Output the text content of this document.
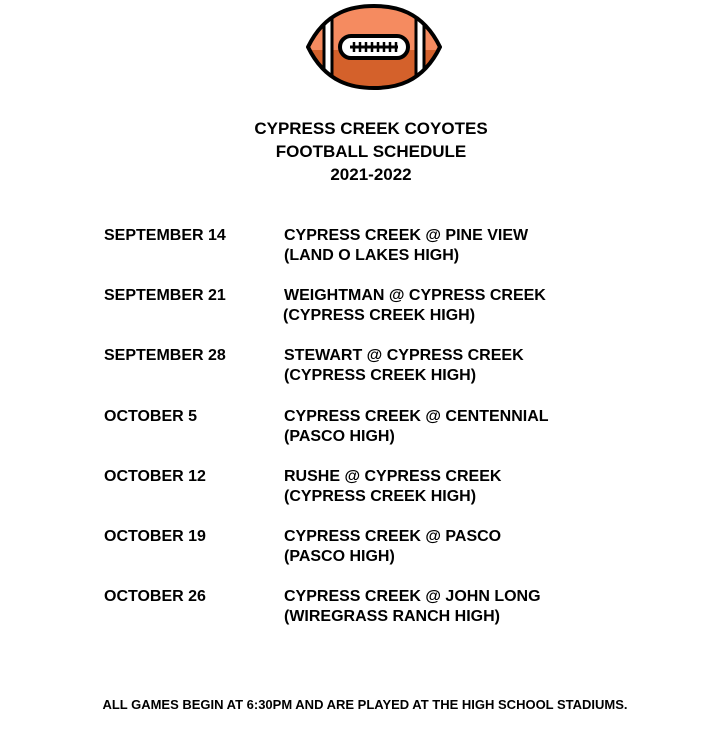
CYPRESS CREEK COYOTES
FOOTBALL SCHEDULE
2021-2022
SEPTEMBER 14	CYPRESS CREEK @ PINE VIEW
(LAND O LAKES HIGH)
SEPTEMBER 21	WEIGHTMAN @ CYPRESS CREEK
(CYPRESS CREEK HIGH)
SEPTEMBER 28	STEWART @ CYPRESS CREEK
(CYPRESS CREEK HIGH)
OCTOBER 5	CYPRESS CREEK @ CENTENNIAL
(PASCO HIGH)
OCTOBER 12	RUSHE @ CYPRESS CREEK
(CYPRESS CREEK HIGH)
OCTOBER 19	CYPRESS CREEK @ PASCO
(PASCO HIGH)
OCTOBER 26	CYPRESS CREEK @ JOHN LONG
(WIREGRASS RANCH HIGH)
ALL GAMES BEGIN AT 6:30PM AND ARE PLAYED AT THE HIGH SCHOOL STADIUMS.
